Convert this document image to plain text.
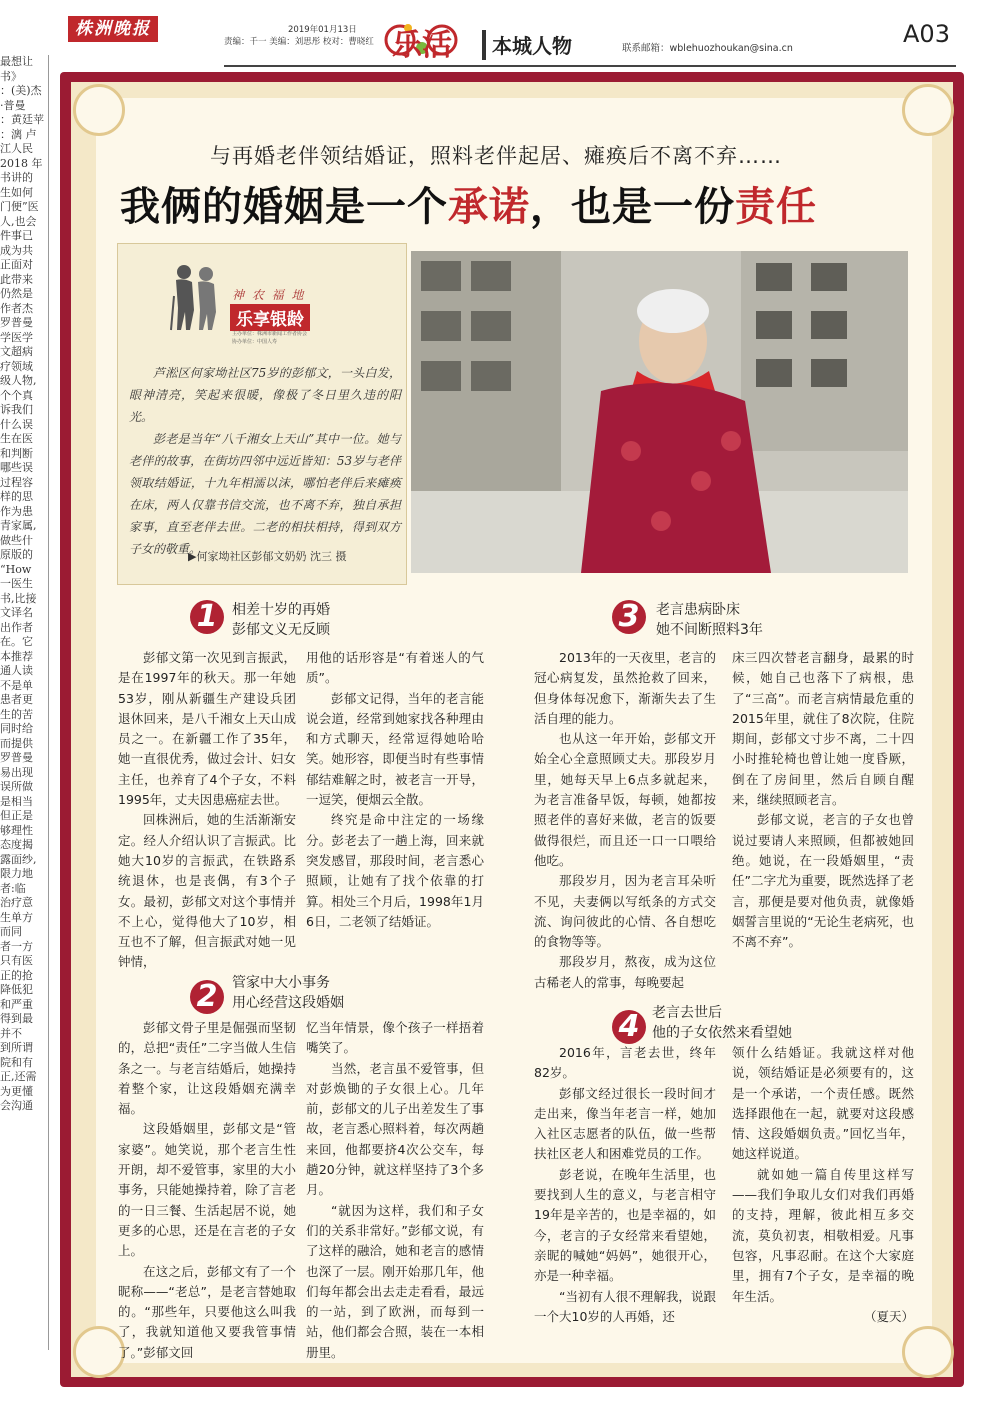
最想让
书》
：(美)杰
·普曼
：黄廷苹
：漓 卢
江人民
2018 年
书讲的
生如何
门便”医
人,也会
件事已
成为共
正面对
此带来
仍然是
作者杰
罗普曼
学医学
文超病
疗领域
级人物,
个个真
诉我们
什么误
生在医
和判断
哪些误
过程容
样的思
作为患
青家属,
做些什
原版的
“How
一医生
书,比接
文译名
出作者
在。它
本推荐
通人读
不是单
患者更
生的苦
同时给
而提供
罗普曼
易出现
误所做
是相当
但正是
够理性
态度揭
露面纱,
限力地
者:临
治疗意
生单方
而同
者一方
只有医
正的抢
降低犯
和严重
得到最
并不
到所谓
院和有
正,还需
为更懂
会沟通
株洲晚报	2019年01月13日
责编：千一 美编：刘思彤 校对：曹晓红 乐活 本城人物	联系邮箱：wblehuozhoukan@sina.cn
A03
与再婚老伴领结婚证，照料老伴起居、瘫痪后不离不弃……
我俩的婚姻是一个承诺，也是一份责任
神 农 福 地
乐享银龄
主办单位：株洲市新闻工作者协会
协办单位：中国人寿

芦淞区何家坳社区75岁的彭郁文，一头白发，眼神清亮，笑起来很暖，像极了冬日里久违的阳光。

彭老是当年“八千湘女上天山”其中一位。她与老伴的故事，在街坊四邻中远近皆知：53岁与老伴领取结婚证，十九年相濡以沫，哪怕老伴后来瘫痪在床，两人仅靠书信交流，也不离不弃，独自承担家事，直至老伴去世。二老的相扶相持，得到双方子女的敬重。

▶何家坳社区彭郁文奶奶 沈三 摄
1	相差十岁的再婚
彭郁文义无反顾	3	老言患病卧床
她不间断照料3年

彭郁文第一次见到言振武，是在1997年的秋天。那一年她53岁，刚从新疆生产建设兵团退休回来，是八千湘女上天山成员之一。在新疆工作了35年，她一直很优秀，做过会计、妇女主任，也养育了4个子女，不料1995年，丈夫因患癌症去世。

回株洲后，她的生活渐渐安定。经人介绍认识了言振武。比她大10岁的言振武，在铁路系统退休，也是丧偶，有3个子女。最初，彭郁文对这个事情并不上心，觉得他大了10岁，相互也不了解，但言振武对她一见钟情，

用他的话形容是“有着迷人的气质”。

彭郁文记得，当年的老言能说会道，经常到她家找各种理由和方式聊天，经常逗得她哈哈笑。她形容，即便当时有些事情郁结难解之时，被老言一开导，一逗笑，便烟云全散。

终究是命中注定的一场缘分。彭老去了一趟上海，回来就突发感冒，那段时间，老言悉心照顾，让她有了找个依靠的打算。相处三个月后，1998年1月6日，二老领了结婚证。

2013年的一天夜里，老言的冠心病复发，虽然抢救了回来，但身体每况愈下，渐渐失去了生活自理的能力。

也从这一年开始，彭郁文开始全心全意照顾丈夫。那段岁月里，她每天早上6点多就起来，为老言准备早饭，每顿，她都按照老伴的喜好来做，老言的饭要做得很烂，而且还一口一口喂给他吃。

那段岁月，因为老言耳朵听不见，夫妻俩以写纸条的方式交流、询问彼此的心情、各自想吃的食物等等。

那段岁月，熬夜，成为这位古稀老人的常事，每晚要起

床三四次替老言翻身，最累的时候，她自己也落下了病根，患了“三高”。而老言病情最危重的2015年里，就住了8次院，住院期间，彭郁文寸步不离，二十四小时推轮椅也曾让她一度昏厥，倒在了房间里，然后自顾自醒来，继续照顾老言。

彭郁文说，老言的子女也曾说过要请人来照顾，但都被她回绝。她说，在一段婚姻里，“责任”二字尤为重要，既然选择了老言，那便是要对他负责，就像婚姻誓言里说的“无论生老病死，也不离不弃”。

2	管家中大小事务
用心经营这段婚姻
4 老言去世后
他的子女依然来看望她

彭郁文骨子里是倔强而坚韧的，总把“责任”二字当做人生信条之一。与老言结婚后，她操持着整个家，让这段婚姻充满幸福。

这段婚姻里，彭郁文是“管家婆”。她笑说，那个老言生性开朗，却不爱管事，家里的大小事务，只能她操持着，除了言老的一日三餐、生活起居不说，她更多的心思，还是在言老的子女上。

在这之后，彭郁文有了一个昵称——“老总”，是老言替她取的。“那些年，只要他这么叫我了，我就知道他又要我管事情了。”彭郁文回

忆当年情景，像个孩子一样捂着嘴笑了。

当然，老言虽不爱管事，但对彭焕锄的子女很上心。几年前，彭郁文的儿子出差发生了事故，老言悉心照料着，每次两趟来回，他都要挤4次公交车，每趟20分钟，就这样坚持了3个多月。

“就因为这样，我们和子女们的关系非常好。”彭郁文说，有了这样的融洽，她和老言的感情也深了一层。刚开始那几年，他们每年都会出去走走看看，最远的一站，到了欧洲，而每到一站，他们都会合照，装在一本相册里。

2016年，言老去世，终年82岁。

彭郁文经过很长一段时间才走出来，像当年老言一样，她加入社区志愿者的队伍，做一些帮扶社区老人和困难党员的工作。

彭老说，在晚年生活里，也要找到人生的意义，与老言相守19年是辛苦的，也是幸福的，如今，老言的子女经常来看望她，亲昵的喊她“妈妈”，她很开心，亦是一种幸福。

“当初有人很不理解我，说跟一个大10岁的人再婚，还

领什么结婚证。我就这样对他说，领结婚证是必须要有的，这是一个承诺，一个责任感。既然选择跟他在一起，就要对这段感情、这段婚姻负责。”回忆当年，她这样说道。

就如她一篇自传里这样写——我们争取儿女们对我们再婚的支持，理解，彼此相互多交流，莫负初衷，相敬相爱。凡事包容，凡事忍耐。在这个大家庭里，拥有7个子女，是幸福的晚年生活。

（夏天）
